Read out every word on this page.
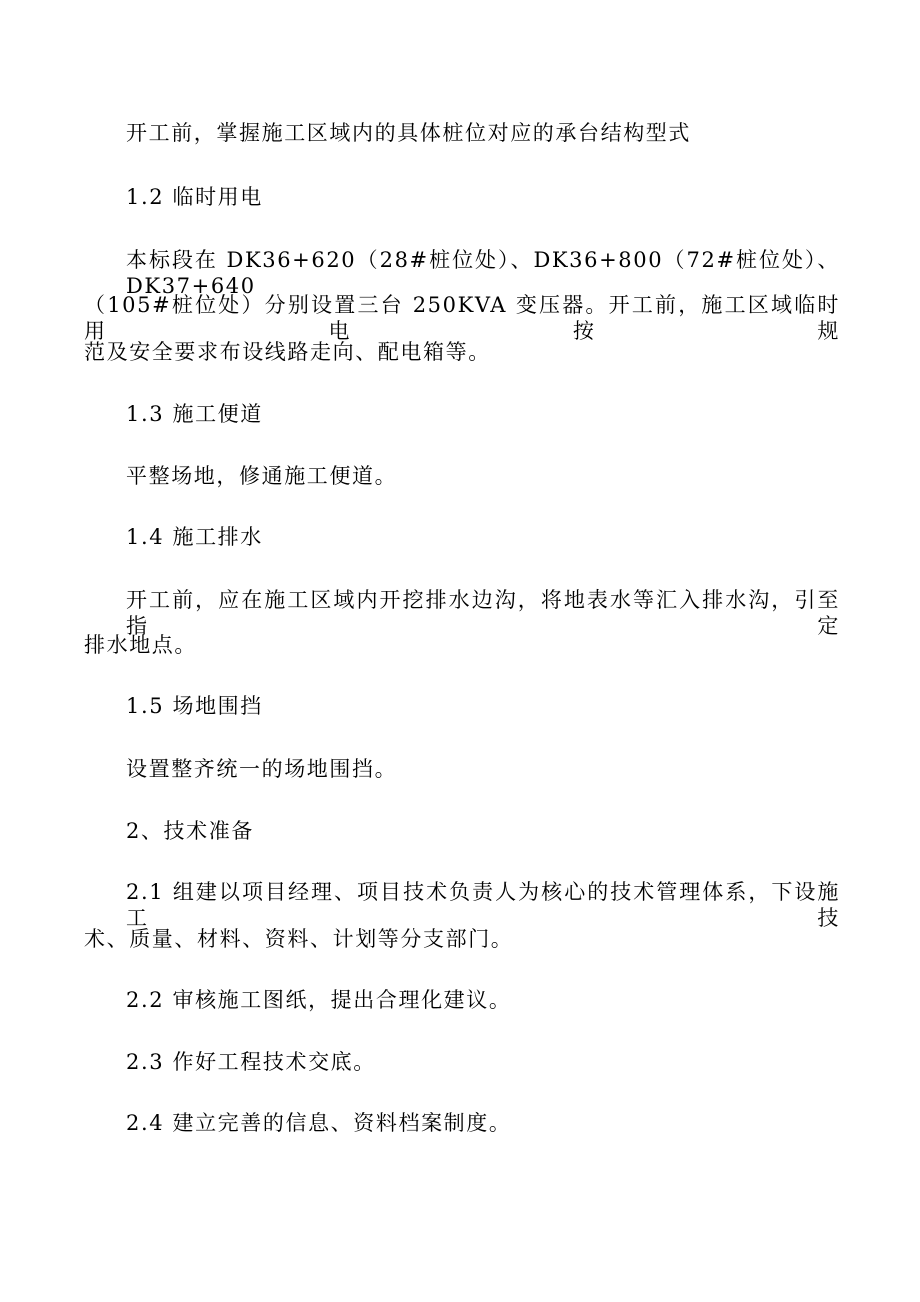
开工前，掌握施工区域内的具体桩位对应的承台结构型式
1.2 临时用电
本标段在 DK36+620（28#桩位处）、DK36+800（72#桩位处）、DK37+640
（105#桩位处）分别设置三台 250KVA 变压器。开工前，施工区域临时用电按规
范及安全要求布设线路走向、配电箱等。
1.3 施工便道
平整场地，修通施工便道。
1.4 施工排水
开工前，应在施工区域内开挖排水边沟，将地表水等汇入排水沟，引至指定
排水地点。
1.5 场地围挡
设置整齐统一的场地围挡。
2、技术准备
2.1 组建以项目经理、项目技术负责人为核心的技术管理体系，下设施工技
术、质量、材料、资料、计划等分支部门。
2.2 审核施工图纸，提出合理化建议。
2.3 作好工程技术交底。
2.4 建立完善的信息、资料档案制度。
